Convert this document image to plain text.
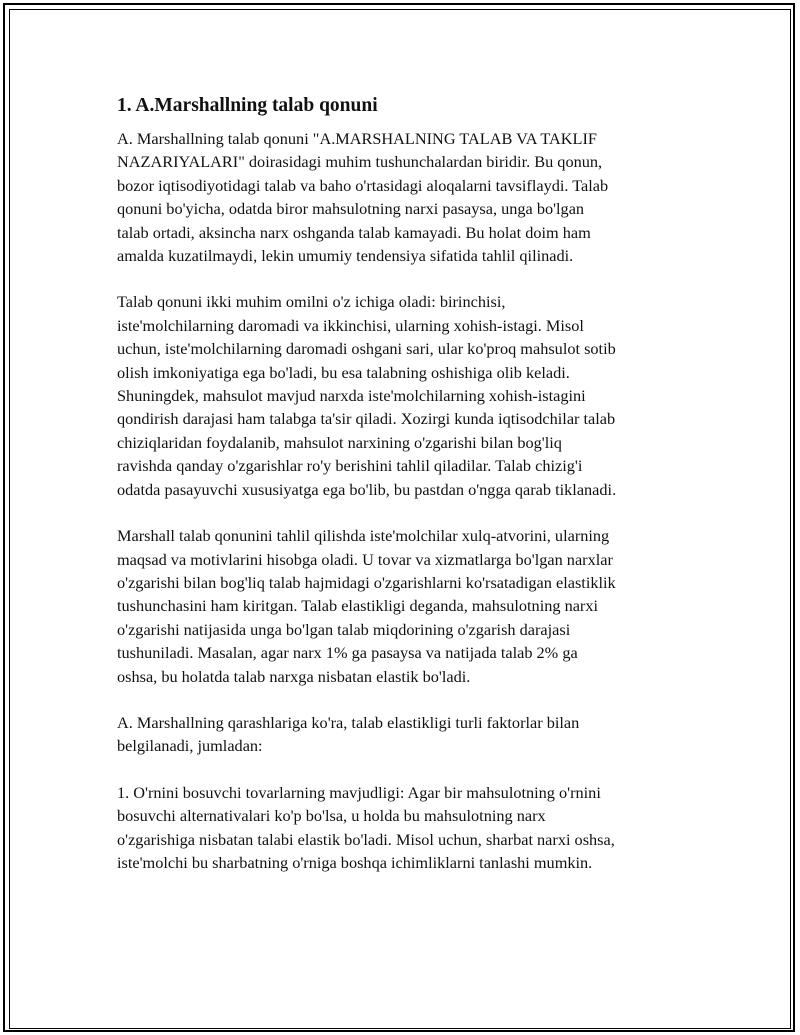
1. A.Marshallning talab qonuni

A. Marshallning talab qonuni "A.MARSHALNING TALAB VA TAKLIF
NAZARIYALARI" doirasidagi muhim tushunchalardan biridir. Bu qonun,
bozor iqtisodiyotidagi talab va baho o'rtasidagi aloqalarni tavsiflaydi. Talab
qonuni bo'yicha, odatda biror mahsulotning narxi pasaysa, unga bo'lgan
talab ortadi, aksincha narx oshganda talab kamayadi. Bu holat doim ham
amalda kuzatilmaydi, lekin umumiy tendensiya sifatida tahlil qilinadi.

Talab qonuni ikki muhim omilni o'z ichiga oladi: birinchisi,
iste'molchilarning daromadi va ikkinchisi, ularning xohish-istagi. Misol
uchun, iste'molchilarning daromadi oshgani sari, ular ko'proq mahsulot sotib
olish imkoniyatiga ega bo'ladi, bu esa talabning oshishiga olib keladi.
Shuningdek, mahsulot mavjud narxda iste'molchilarning xohish-istagini
qondirish darajasi ham talabga ta'sir qiladi. Xozirgi kunda iqtisodchilar talab
chiziqlaridan foydalanib, mahsulot narxining o'zgarishi bilan bog'liq
ravishda qanday o'zgarishlar ro'y berishini tahlil qiladilar. Talab chizig'i
odatda pasayuvchi xususiyatga ega bo'lib, bu pastdan o'ngga qarab tiklanadi.

Marshall talab qonunini tahlil qilishda iste'molchilar xulq-atvorini, ularning
maqsad va motivlarini hisobga oladi. U tovar va xizmatlarga bo'lgan narxlar
o'zgarishi bilan bog'liq talab hajmidagi o'zgarishlarni ko'rsatadigan elastiklik
tushunchasini ham kiritgan. Talab elastikligi deganda, mahsulotning narxi
o'zgarishi natijasida unga bo'lgan talab miqdorining o'zgarish darajasi
tushuniladi. Masalan, agar narx 1% ga pasaysa va natijada talab 2% ga
oshsa, bu holatda talab narxga nisbatan elastik bo'ladi.

A. Marshallning qarashlariga ko'ra, talab elastikligi turli faktorlar bilan
belgilanadi, jumladan:

1. O'rnini bosuvchi tovarlarning mavjudligi: Agar bir mahsulotning o'rnini
bosuvchi alternativalari ko'p bo'lsa, u holda bu mahsulotning narx
o'zgarishiga nisbatan talabi elastik bo'ladi. Misol uchun, sharbat narxi oshsa,
iste'molchi bu sharbatning o'rniga boshqa ichimliklarni tanlashi mumkin.
